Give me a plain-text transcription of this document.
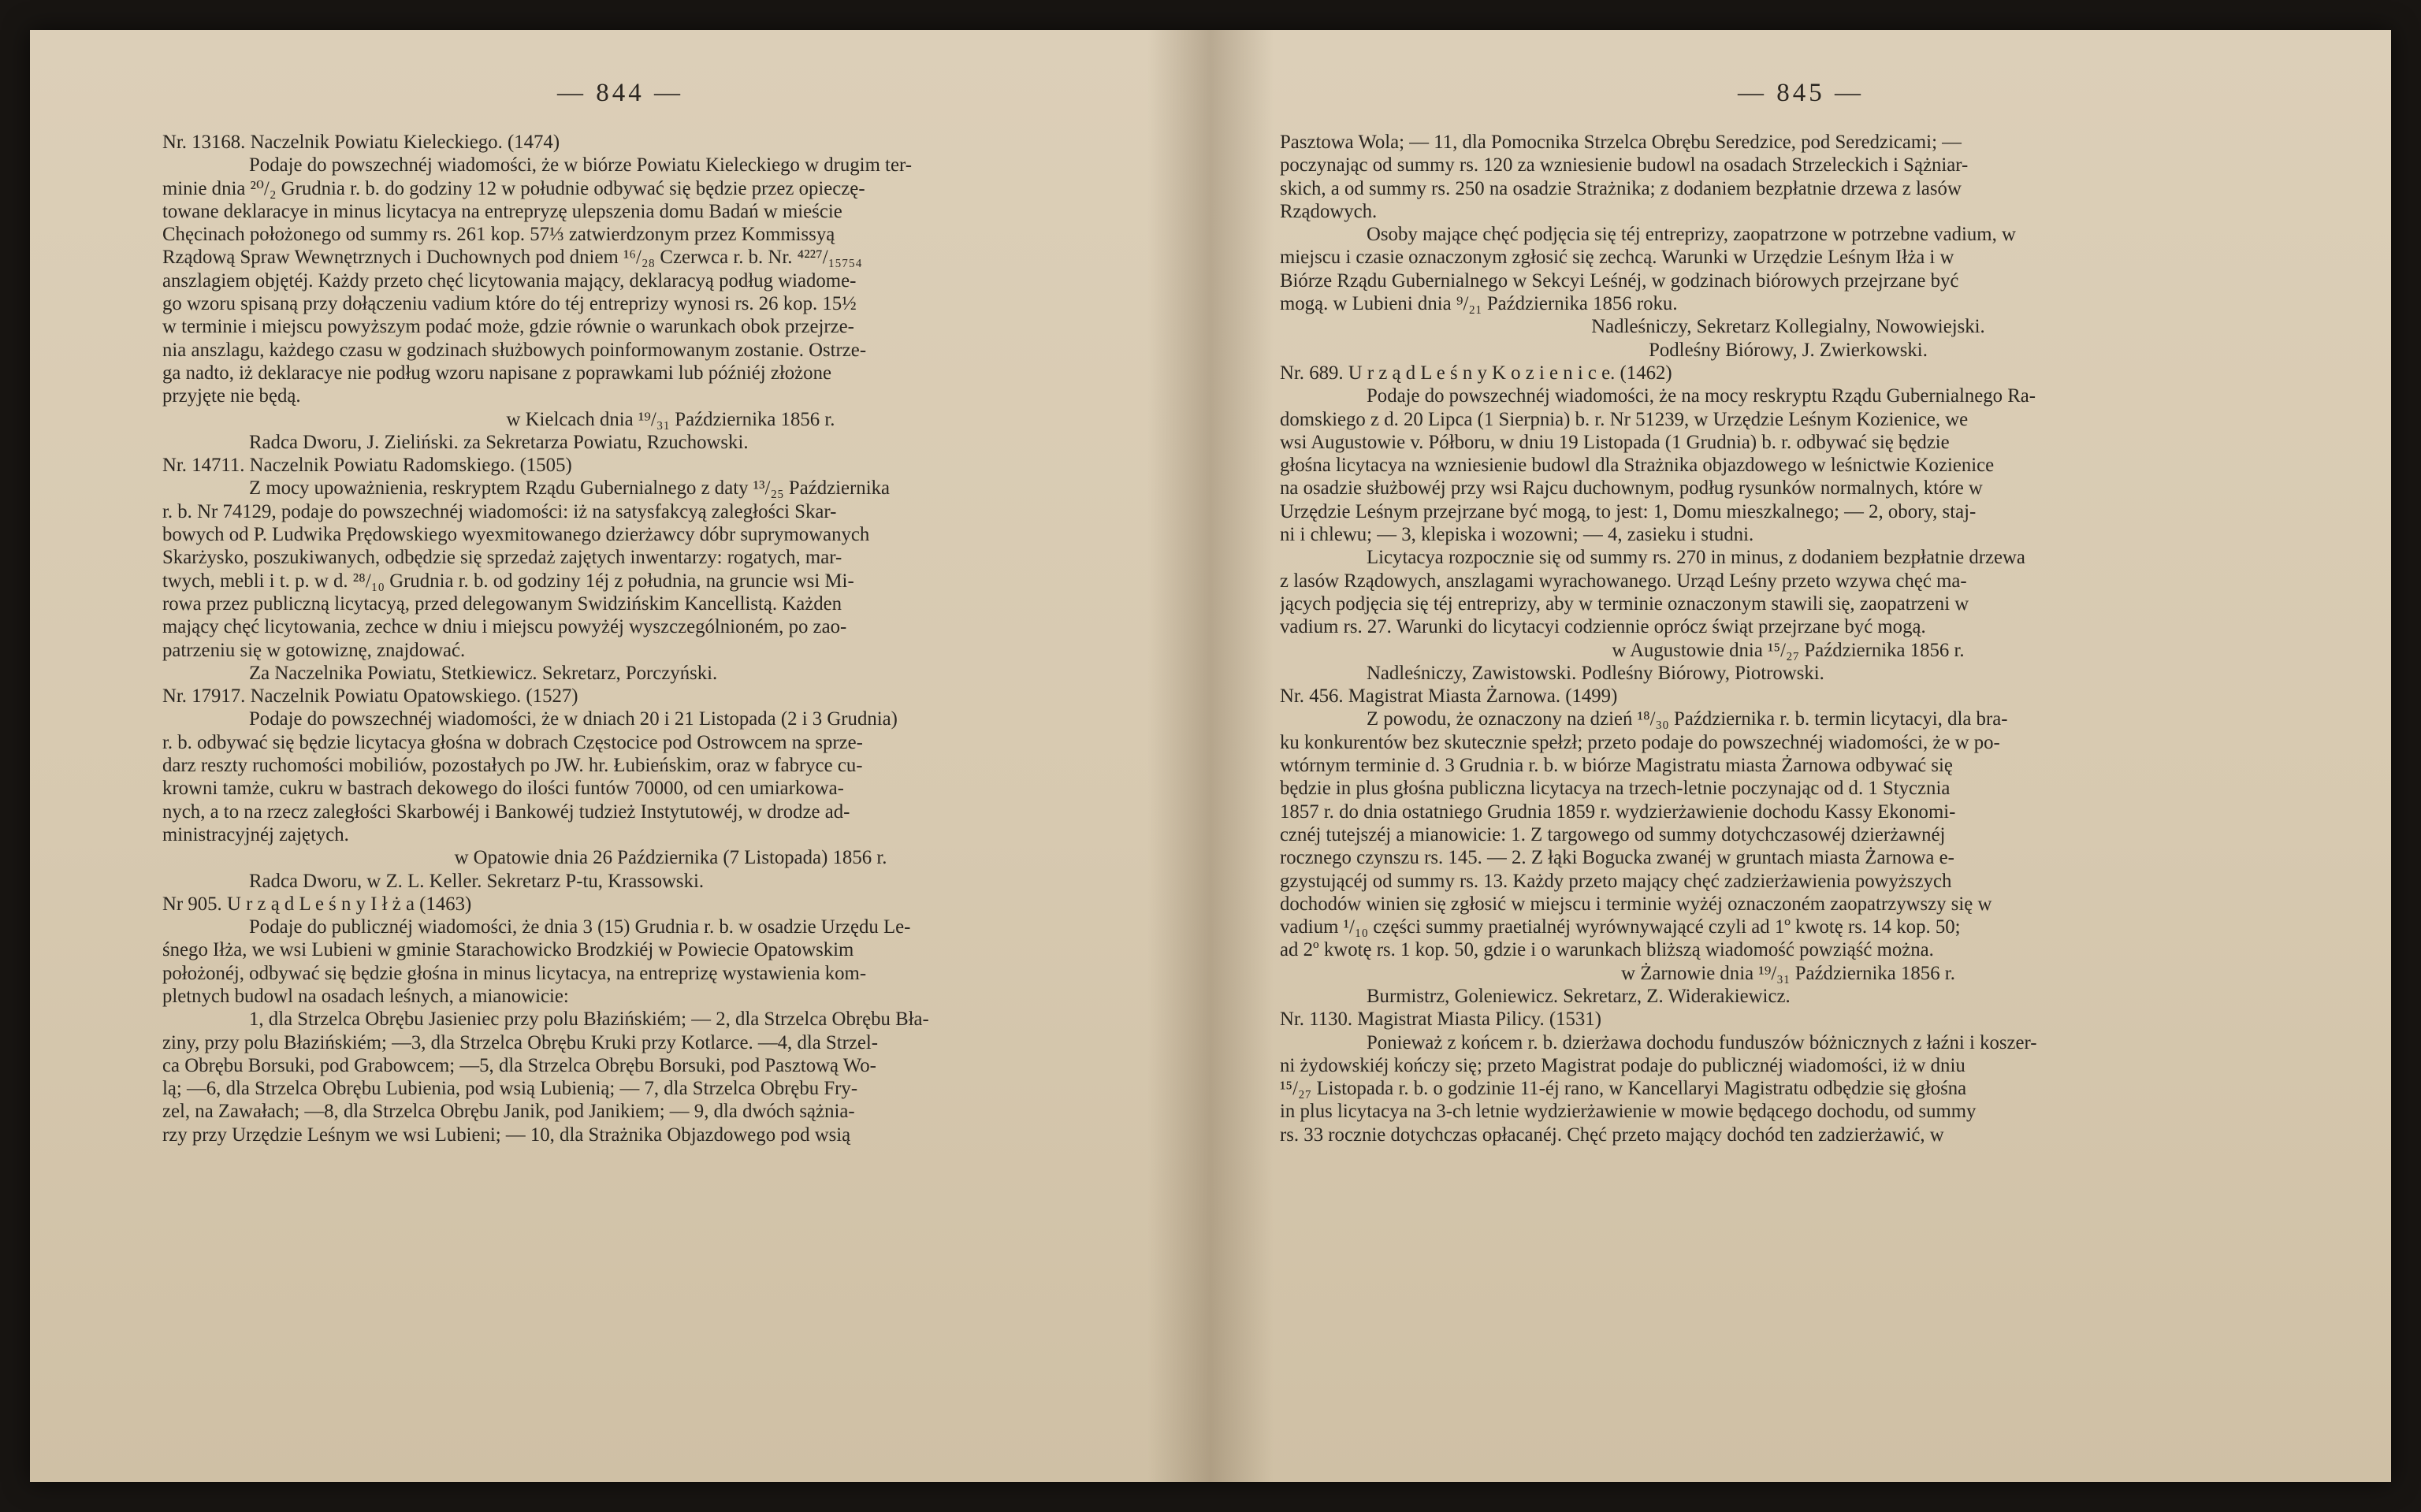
— 844 —
Nr. 13168. Naczelnik Powiatu Kieleckiego. (1474)
Podaje do powszechnéj wiadomości, że w biórze Powiatu Kieleckiego w drugim ter-
minie dnia ²⁰/₂ Grudnia r. b. do godziny 12 w południe odbywać się będzie przez opieczę-
towane deklaracye in minus licytacya na entrepryzę ulepszenia domu Badań w mieście
Chęcinach położonego od summy rs. 261 kop. 57⅓ zatwierdzonym przez Kommissyą
Rządową Spraw Wewnętrznych i Duchownych pod dniem ¹⁶/₂₈ Czerwca r. b. Nr. ⁴²²⁷/₁₅₇₅₄
anszlagiem objętéj. Każdy przeto chęć licytowania mający, deklaracyą podług wiadome-
go wzoru spisaną przy dołączeniu vadium które do téj entreprizy wynosi rs. 26 kop. 15½
w terminie i miejscu powyższym podać może, gdzie równie o warunkach obok przejrze-
nia anszlagu, każdego czasu w godzinach służbowych poinformowanym zostanie. Ostrze-
ga nadto, iż deklaracye nie podług wzoru napisane z poprawkami lub późniéj złożone
przyjęte nie będą.
w Kielcach dnia ¹⁹/₃₁ Października 1856 r.
Radca Dworu, J. Zieliński. za Sekretarza Powiatu, Rzuchowski.
Nr. 14711. Naczelnik Powiatu Radomskiego. (1505)
Z mocy upoważnienia, reskryptem Rządu Gubernialnego z daty ¹³/₂₅ Października
r. b. Nr 74129, podaje do powszechnéj wiadomości: iż na satysfakcyą zaległości Skar-
bowych od P. Ludwika Prędowskiego wyexmitowanego dzierżawcy dóbr suprymowanych
Skarżysko, poszukiwanych, odbędzie się sprzedaż zajętych inwentarzy: rogatych, mar-
twych, mebli i t. p. w d. ²⁸/₁₀ Grudnia r. b. od godziny 1éj z południa, na gruncie wsi Mi-
rowa przez publiczną licytacyą, przed delegowanym Swidzińskim Kancellistą. Każden
mający chęć licytowania, zechce w dniu i miejscu powyżéj wyszczególnioném, po zao-
patrzeniu się w gotowiznę, znajdować.
Za Naczelnika Powiatu, Stetkiewicz. Sekretarz, Porczyński.
Nr. 17917. Naczelnik Powiatu Opatowskiego. (1527)
Podaje do powszechnéj wiadomości, że w dniach 20 i 21 Listopada (2 i 3 Grudnia)
r. b. odbywać się będzie licytacya głośna w dobrach Częstocice pod Ostrowcem na sprze-
darz reszty ruchomości mobiliów, pozostałych po JW. hr. Łubieńskim, oraz w fabryce cu-
krowni tamże, cukru w bastrach dekowego do ilości funtów 70000, od cen umiarkowa-
nych, a to na rzecz zaległości Skarbowéj i Bankowéj tudzież Instytutowéj, w drodze ad-
ministracyjnéj zajętych.
w Opatowie dnia 26 Października (7 Listopada) 1856 r.
Radca Dworu, w Z. L. Keller. Sekretarz P-tu, Krassowski.
Nr 905. U r z ą d L e ś n y I ł ż a (1463)
Podaje do publicznéj wiadomości, że dnia 3 (15) Grudnia r. b. w osadzie Urzędu Le-
śnego Iłża, we wsi Lubieni w gminie Starachowicko Brodzkiéj w Powiecie Opatowskim
położonéj, odbywać się będzie głośna in minus licytacya, na entreprizę wystawienia kom-
pletnych budowl na osadach leśnych, a mianowicie:
1, dla Strzelca Obrębu Jasieniec przy polu Błazińskiém; — 2, dla Strzelca Obrębu Bła-
ziny, przy polu Błazińskiém; —3, dla Strzelca Obrębu Kruki przy Kotlarce. —4, dla Strzel-
ca Obrębu Borsuki, pod Grabowcem; —5, dla Strzelca Obrębu Borsuki, pod Pasztową Wo-
lą; —6, dla Strzelca Obrębu Lubienia, pod wsią Lubienią; — 7, dla Strzelca Obrębu Fry-
zel, na Zawałach; —8, dla Strzelca Obrębu Janik, pod Janikiem; — 9, dla dwóch sążnia-
rzy przy Urzędzie Leśnym we wsi Lubieni; — 10, dla Strażnika Objazdowego pod wsią
— 845 —
Pasztowa Wola; — 11, dla Pomocnika Strzelca Obrębu Seredzice, pod Seredzicami; —
poczynając od summy rs. 120 za wzniesienie budowl na osadach Strzeleckich i Sążniar-
skich, a od summy rs. 250 na osadzie Strażnika; z dodaniem bezpłatnie drzewa z lasów
Rządowych.
Osoby mające chęć podjęcia się téj entreprizy, zaopatrzone w potrzebne vadium, w
miejscu i czasie oznaczonym zgłosić się zechcą. Warunki w Urzędzie Leśnym Iłża i w
Biórze Rządu Gubernialnego w Sekcyi Leśnéj, w godzinach biórowych przejrzane być
mogą. w Lubieni dnia ⁹/₂₁ Października 1856 roku.
Nadleśniczy, Sekretarz Kollegialny, Nowowiejski.
Podleśny Biórowy, J. Zwierkowski.
Nr. 689. U r z ą d L e ś n y K o z i e n i c e. (1462)
Podaje do powszechnéj wiadomości, że na mocy reskryptu Rządu Gubernialnego Ra-
domskiego z d. 20 Lipca (1 Sierpnia) b. r. Nr 51239, w Urzędzie Leśnym Kozienice, we
wsi Augustowie v. Półboru, w dniu 19 Listopada (1 Grudnia) b. r. odbywać się będzie
głośna licytacya na wzniesienie budowl dla Strażnika objazdowego w leśnictwie Kozienice
na osadzie służbowéj przy wsi Rajcu duchownym, podług rysunków normalnych, które w
Urzędzie Leśnym przejrzane być mogą, to jest: 1, Domu mieszkalnego; — 2, obory, staj-
ni i chlewu; — 3, klepiska i wozowni; — 4, zasieku i studni.
Licytacya rozpocznie się od summy rs. 270 in minus, z dodaniem bezpłatnie drzewa
z lasów Rządowych, anszlagami wyrachowanego. Urząd Leśny przeto wzywa chęć ma-
jących podjęcia się téj entreprizy, aby w terminie oznaczonym stawili się, zaopatrzeni w
vadium rs. 27. Warunki do licytacyi codziennie oprócz świąt przejrzane być mogą.
w Augustowie dnia ¹⁵/₂₇ Października 1856 r.
Nadleśniczy, Zawistowski. Podleśny Biórowy, Piotrowski.
Nr. 456. Magistrat Miasta Żarnowa. (1499)
Z powodu, że oznaczony na dzień ¹⁸/₃₀ Października r. b. termin licytacyi, dla bra-
ku konkurentów bez skutecznie spełzł; przeto podaje do powszechnéj wiadomości, że w po-
wtórnym terminie d. 3 Grudnia r. b. w biórze Magistratu miasta Żarnowa odbywać się
będzie in plus głośna publiczna licytacya na trzech-letnie poczynając od d. 1 Stycznia
1857 r. do dnia ostatniego Grudnia 1859 r. wydzierżawienie dochodu Kassy Ekonomi-
cznéj tutejszéj a mianowicie: 1. Z targowego od summy dotychczasowéj dzierżawnéj
rocznego czynszu rs. 145. — 2. Z łąki Bogucka zwanéj w gruntach miasta Żarnowa e-
gzystującéj od summy rs. 13. Każdy przeto mający chęć zadzierżawienia powyższych
dochodów winien się zgłosić w miejscu i terminie wyżéj oznaczoném zaopatrzywszy się w
vadium ¹/₁₀ części summy praetialnéj wyrównywającé czyli ad 1º kwotę rs. 14 kop. 50;
ad 2º kwotę rs. 1 kop. 50, gdzie i o warunkach bliższą wiadomość powziąść można.
w Żarnowie dnia ¹⁹/₃₁ Października 1856 r.
Burmistrz, Goleniewicz. Sekretarz, Z. Widerakiewicz.
Nr. 1130. Magistrat Miasta Pilicy. (1531)
Ponieważ z końcem r. b. dzierżawa dochodu funduszów bóżnicznych z łaźni i koszer-
ni żydowskiéj kończy się; przeto Magistrat podaje do publicznéj wiadomości, iż w dniu
¹⁵/₂₇ Listopada r. b. o godzinie 11-éj rano, w Kancellaryi Magistratu odbędzie się głośna
in plus licytacya na 3-ch letnie wydzierżawienie w mowie będącego dochodu, od summy
rs. 33 rocznie dotychczas opłacanéj. Chęć przeto mający dochód ten zadzierżawić, w
